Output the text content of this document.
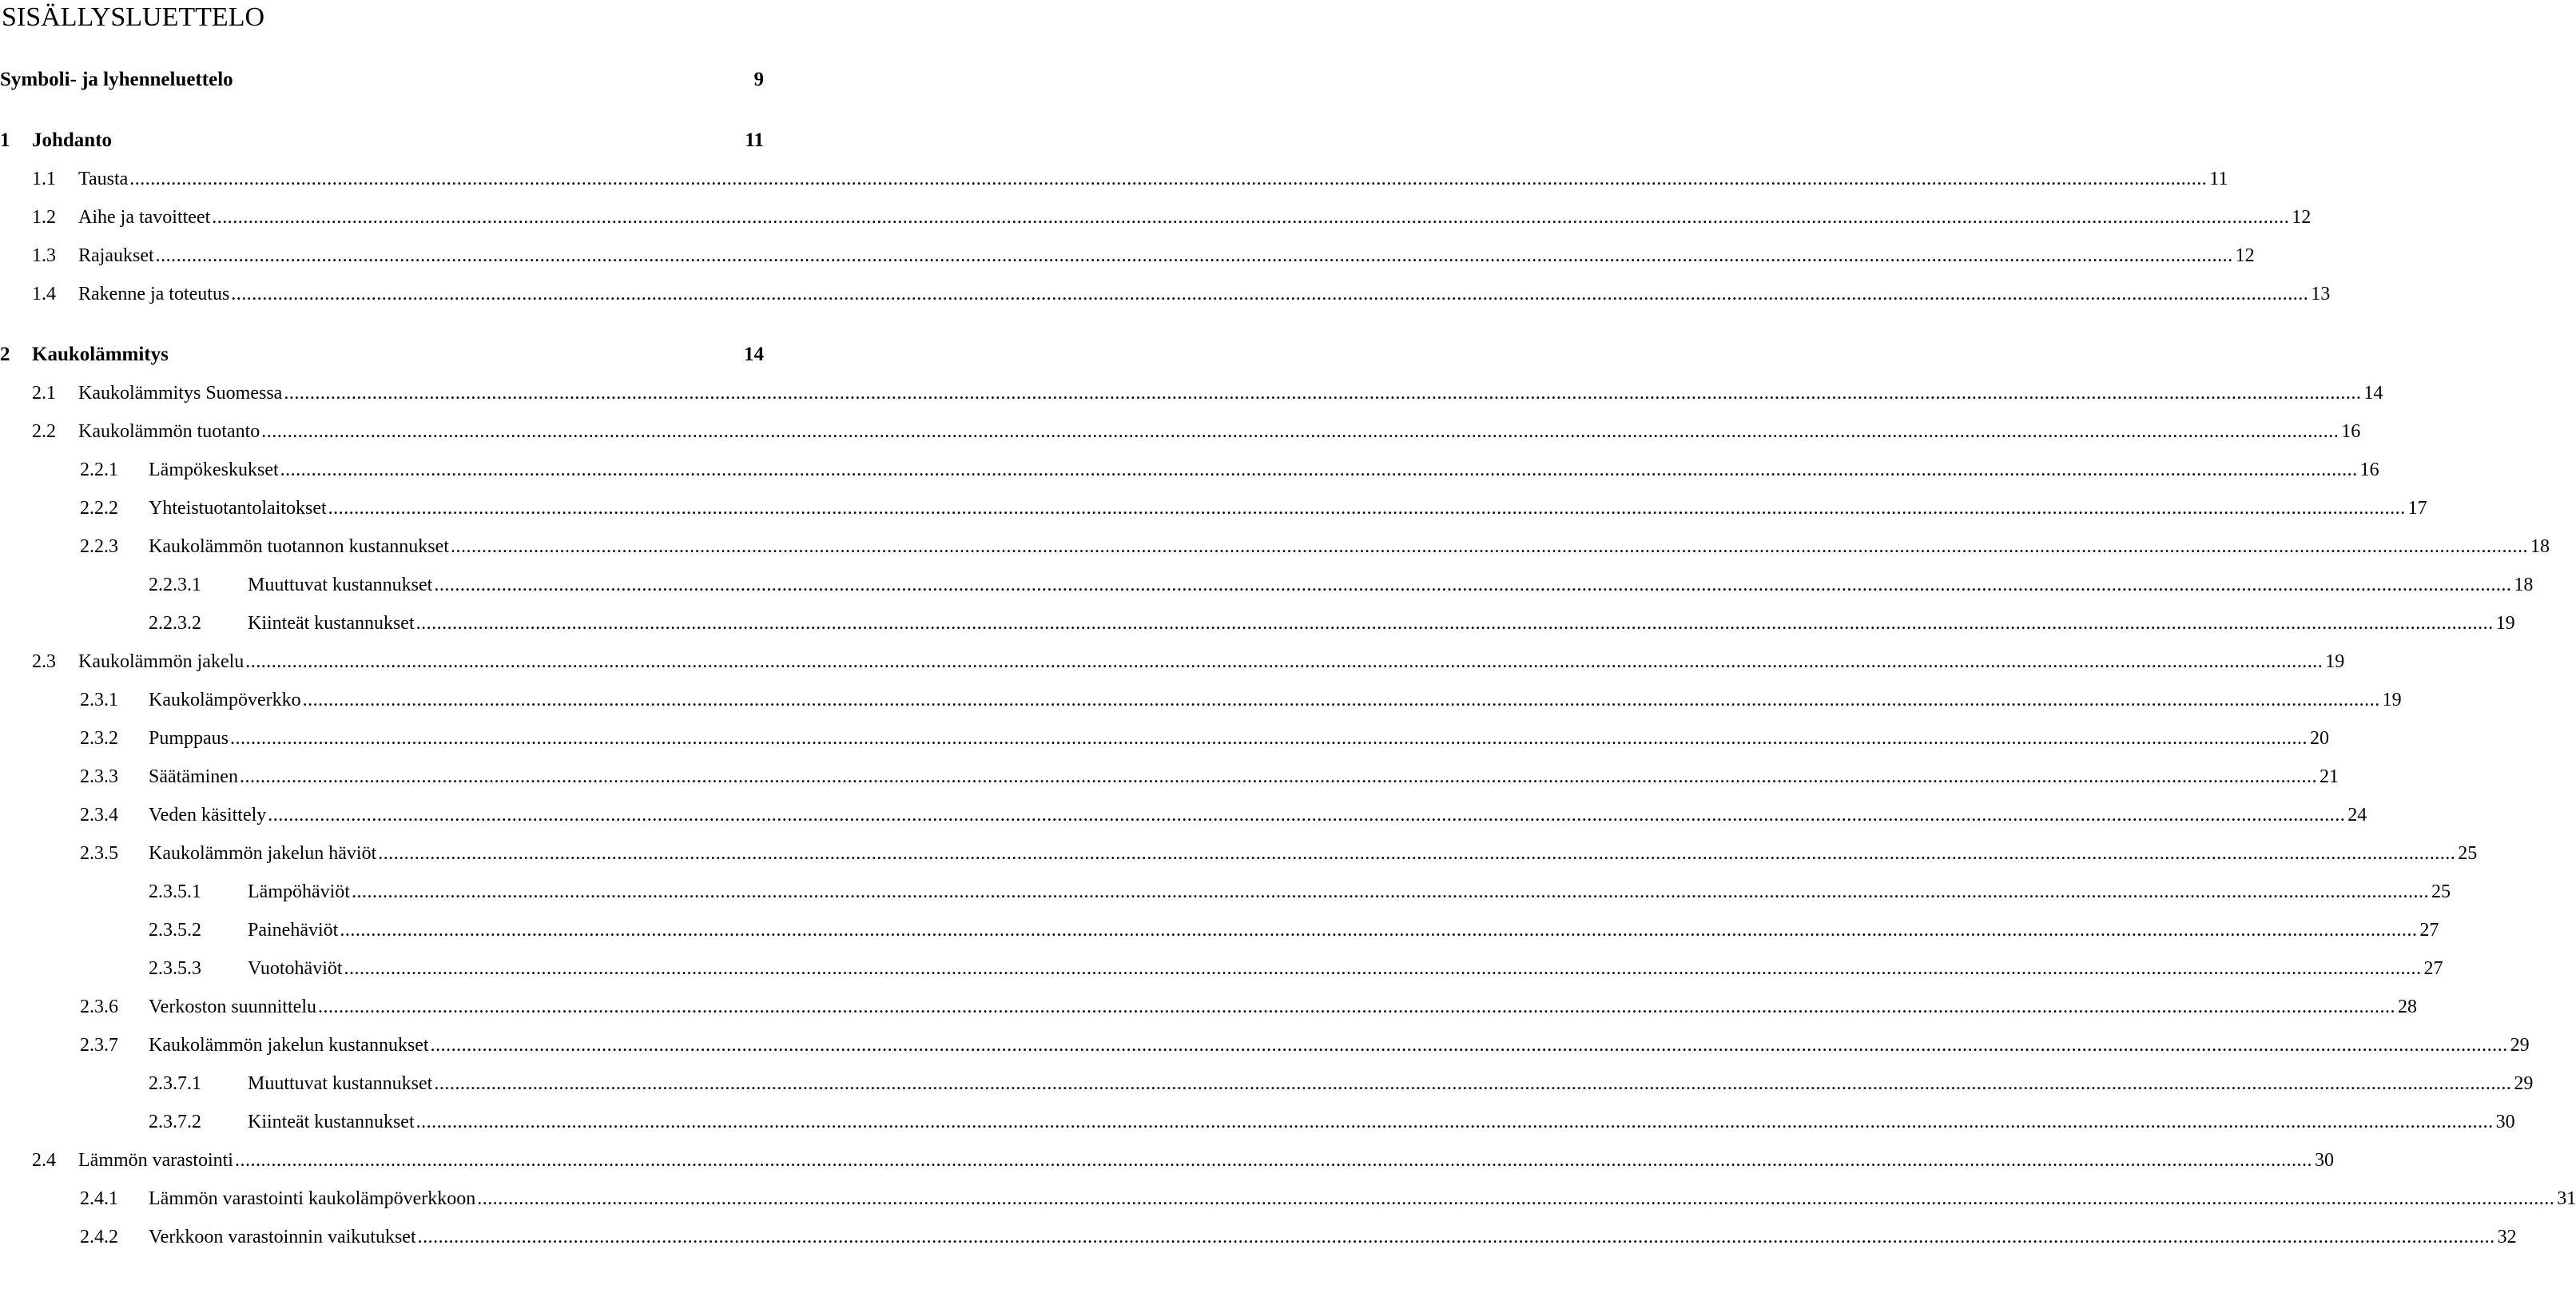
SISÄLLYSLUETTELO
Symboli- ja lyhenneluettelo	9
1 Johdanto	11
1.1 Tausta ................................................................................................................................................................................................................................................................................................................................................................................................................ 11
1.2 Aihe ja tavoitteet ................................................................................................................................................................................................................................................................................................................................................................................................................ 12
1.3 Rajaukset ................................................................................................................................................................................................................................................................................................................................................................................................................ 12
1.4 Rakenne ja toteutus ................................................................................................................................................................................................................................................................................................................................................................................................................ 13
2 Kaukolämmitys	14
2.1 Kaukolämmitys Suomessa ................................................................................................................................................................................................................................................................................................................................................................................................................ 14
2.2 Kaukolämmön tuotanto ................................................................................................................................................................................................................................................................................................................................................................................................................ 16
2.2.1 Lämpökeskukset ................................................................................................................................................................................................................................................................................................................................................................................................................ 16
2.2.2 Yhteistuotantolaitokset ................................................................................................................................................................................................................................................................................................................................................................................................................ 17
2.2.3 Kaukolämmön tuotannon kustannukset ................................................................................................................................................................................................................................................................................................................................................................................................................ 18
2.2.3.1 Muuttuvat kustannukset ................................................................................................................................................................................................................................................................................................................................................................................................................ 18
2.2.3.2 Kiinteät kustannukset ................................................................................................................................................................................................................................................................................................................................................................................................................ 19
2.3 Kaukolämmön jakelu ................................................................................................................................................................................................................................................................................................................................................................................................................ 19
2.3.1 Kaukolämpöverkko ................................................................................................................................................................................................................................................................................................................................................................................................................ 19
2.3.2 Pumppaus ................................................................................................................................................................................................................................................................................................................................................................................................................ 20
2.3.3 Säätäminen ................................................................................................................................................................................................................................................................................................................................................................................................................ 21
2.3.4 Veden käsittely ................................................................................................................................................................................................................................................................................................................................................................................................................ 24
2.3.5 Kaukolämmön jakelun häviöt ................................................................................................................................................................................................................................................................................................................................................................................................................ 25
2.3.5.1 Lämpöhäviöt ................................................................................................................................................................................................................................................................................................................................................................................................................ 25
2.3.5.2 Painehäviöt ................................................................................................................................................................................................................................................................................................................................................................................................................ 27
2.3.5.3 Vuotohäviöt ................................................................................................................................................................................................................................................................................................................................................................................................................ 27
2.3.6 Verkoston suunnittelu ................................................................................................................................................................................................................................................................................................................................................................................................................ 28
2.3.7 Kaukolämmön jakelun kustannukset ................................................................................................................................................................................................................................................................................................................................................................................................................ 29
2.3.7.1 Muuttuvat kustannukset ................................................................................................................................................................................................................................................................................................................................................................................................................ 29
2.3.7.2 Kiinteät kustannukset ................................................................................................................................................................................................................................................................................................................................................................................................................ 30
2.4 Lämmön varastointi ................................................................................................................................................................................................................................................................................................................................................................................................................ 30
2.4.1 Lämmön varastointi kaukolämpöverkkoon ................................................................................................................................................................................................................................................................................................................................................................................................................ 31
2.4.2 Verkkoon varastoinnin vaikutukset ................................................................................................................................................................................................................................................................................................................................................................................................................ 32
